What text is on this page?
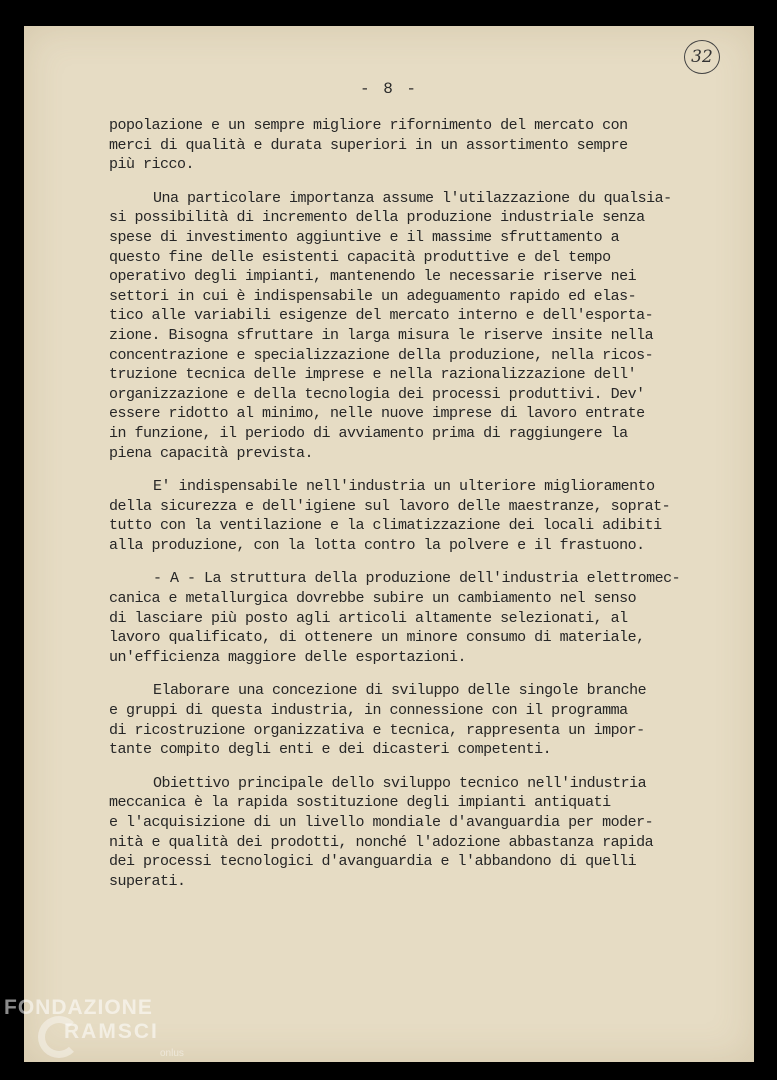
32
- 8 -

popolazione e un sempre migliore rifornimento del mercato con
merci di qualità e durata superiori in un assortimento sempre
più ricco.

Una particolare importanza assume l'utilazzazione du qualsia-
si possibilità di incremento della produzione industriale senza
spese di investimento aggiuntive e il massime sfruttamento a
questo fine delle esistenti capacità produttive e del tempo
operativo degli impianti, mantenendo le necessarie riserve nei
settori in cui è indispensabile un adeguamento rapido ed elas-
tico alle variabili esigenze del mercato interno e dell'esporta-
zione. Bisogna sfruttare in larga misura le riserve insite nella
concentrazione e specializzazione della produzione, nella ricos-
truzione tecnica delle imprese e nella razionalizzazione dell'
organizzazione e della tecnologia dei processi produttivi. Dev'
essere ridotto al minimo, nelle nuove imprese di lavoro entrate
in funzione, il periodo di avviamento prima di raggiungere la
piena capacità prevista.

E' indispensabile nell'industria un ulteriore miglioramento
della sicurezza e dell'igiene sul lavoro delle maestranze, soprat-
tutto con la ventilazione e la climatizzazione dei locali adibiti
alla produzione, con la lotta contro la polvere e il frastuono.

- A - La struttura della produzione dell'industria elettromec-
canica e metallurgica dovrebbe subire un cambiamento nel senso
di lasciare più posto agli articoli altamente selezionati, al
lavoro qualificato, di ottenere un minore consumo di materiale,
un'efficienza maggiore delle esportazioni.

Elaborare una concezione di sviluppo delle singole branche
e gruppi di questa industria, in connessione con il programma
di ricostruzione organizzativa e tecnica, rappresenta un impor-
tante compito degli enti e dei dicasteri competenti.

Obiettivo principale dello sviluppo tecnico nell'industria
meccanica è la rapida sostituzione degli impianti antiquati
e l'acquisizione di un livello mondiale d'avanguardia per moder-
nità e qualità dei prodotti, nonché l'adozione abbastanza rapida
dei processi tecnologici d'avanguardia e l'abbandono di quelli
superati.

FONDAZIONE
RAMSCI
onlus
